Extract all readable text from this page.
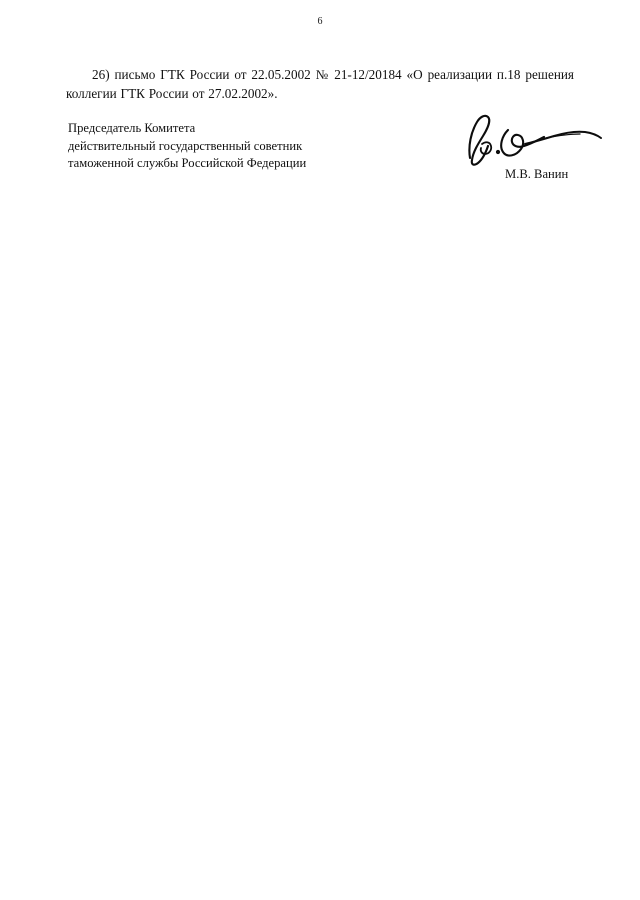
6

26) письмо ГТК России от 22.05.2002 № 21-12/20184 «О реализации п.18 решения коллегии ГТК России от 27.02.2002».

Председатель Комитета
действительный государственный советник
таможенной службы Российской Федерации
М.В. Ванин
